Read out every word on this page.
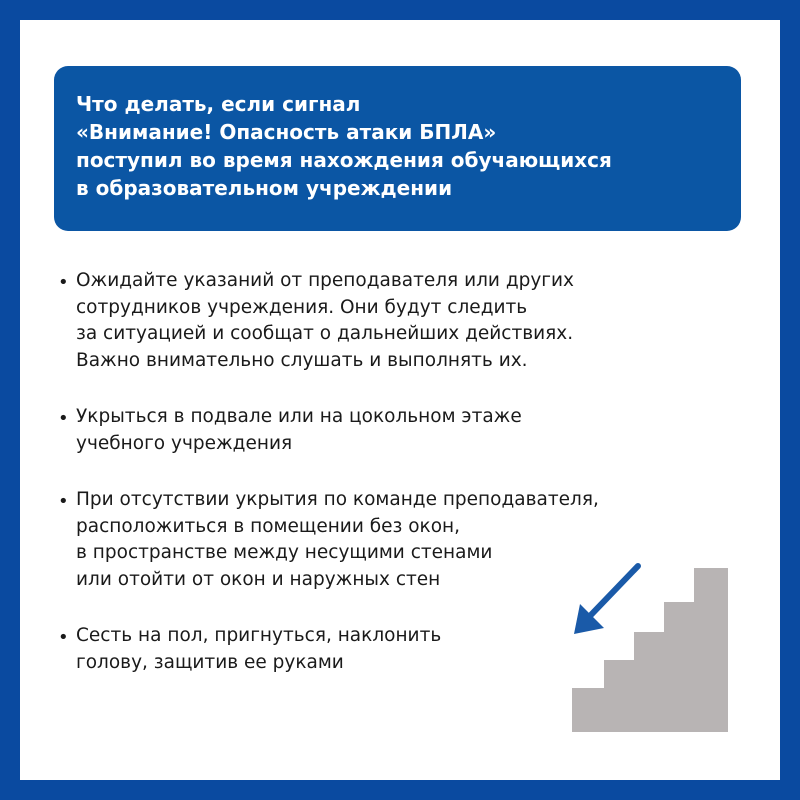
Что делать, если сигнал
«Внимание! Опасность атаки БПЛА»
поступил во время нахождения обучающихся
в образовательном учреждении
• Ожидайте указаний от преподавателя или других
сотрудников учреждения. Они будут следить
за ситуацией и сообщат о дальнейших действиях.
Важно внимательно слушать и выполнять их.
• Укрыться в подвале или на цокольном этаже
учебного учреждения
• При отсутствии укрытия по команде преподавателя,
расположиться в помещении без окон,
в пространстве между несущими стенами
или отойти от окон и наружных стен
• Сесть на пол, пригнуться, наклонить
голову, защитив ее руками
